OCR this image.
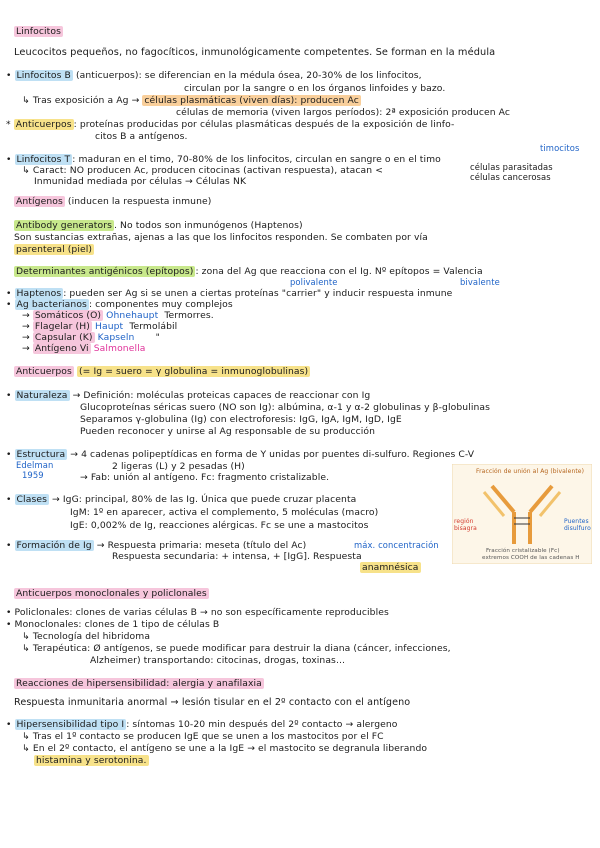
Linfocitos
Leucocitos pequeños, no fagocíticos, inmunológicamente competentes. Se forman en la médula
• Linfocitos B (anticuerpos): se diferencian en la médula ósea, 20-30% de los linfocitos,
circulan por la sangre o en los órganos linfoides y bazo.
↳ Tras exposición a Ag → células plasmáticas (viven días): producen Ac
células de memoria (viven largos períodos): 2ª exposición producen Ac
* Anticuerpos : proteínas producidas por células plasmáticas después de la exposición de linfo-
citos B a antígenos.
timocitos
• Linfocitos T : maduran en el timo, 70-80% de los linfocitos, circulan en sangre o en el timo
↳ Caract: NO producen Ac, producen citocinas (activan respuesta), atacan <	células parasitadas
Inmunidad mediada por células → Células NK	células cancerosas
Antígenos (inducen la respuesta inmune)
Antibody generators . No todos son inmunógenos (Haptenos)
Son sustancias extrañas, ajenas a las que los linfocitos responden. Se combaten por vía
parenteral (piel)
Determinantes antigénicos (epítopos) : zona del Ag que reacciona con el Ig. Nº epítopos = Valencia
polivalente	bivalente
• Haptenos : pueden ser Ag si se unen a ciertas proteínas "carrier" y inducir respuesta inmune
• Ag bacterianos : componentes muy complejos
→ Somáticos (O) Ohnehaupt Termorres.
→ Flagelar (H) Haupt Termolábil
→ Capsular (K) Kapseln "
→ Antígeno Vi Salmonella
Anticuerpos (= Ig = suero = γ globulina = inmunoglobulinas)
• Naturaleza → Definición: moléculas proteicas capaces de reaccionar con Ig
Glucoproteínas séricas suero (NO son Ig): albúmina, α-1 y α-2 globulinas y β-globulinas
Separamos γ-globulina (Ig) con electroforesis: IgG, IgA, IgM, IgD, IgE
Pueden reconocer y unirse al Ag responsable de su producción
• Estructura → 4 cadenas polipeptídicas en forma de Y unidas por puentes di-sulfuro. Regiones C-V
Edelman
1959
2 ligeras (L) y 2 pesadas (H)
→ Fab: unión al antígeno. Fc: fragmento cristalizable.
• Clases → IgG: principal, 80% de las Ig. Única que puede cruzar placenta
IgM: 1º en aparecer, activa el complemento, 5 moléculas (macro)
IgE: 0,002% de Ig, reacciones alérgicas. Fc se une a mastocitos
• Formación de Ig → Respuesta primaria: meseta (título del Ac)	máx. concentración
Respuesta secundaria: + intensa, + [IgG]. Respuesta
anamnésica
Fracción de unión al Ag (bivalente)
región
bisagra
Puentes
disulfuro
Fracción cristalizable (Fc)
extremos COOH de las cadenas H
Anticuerpos monoclonales y policlonales
• Policlonales: clones de varias células B → no son específicamente reproducibles
• Monoclonales: clones de 1 tipo de células B
↳ Tecnología del hibridoma
↳ Terapéutica: Ø antígenos, se puede modificar para destruir la diana (cáncer, infecciones,
Alzheimer) transportando: citocinas, drogas, toxinas...
Reacciones de hipersensibilidad: alergia y anafilaxia
Respuesta inmunitaria anormal → lesión tisular en el 2º contacto con el antígeno
• Hipersensibilidad tipo I : síntomas 10-20 min después del 2º contacto → alergeno
↳ Tras el 1º contacto se producen IgE que se unen a los mastocitos por el FC
↳ En el 2º contacto, el antígeno se une a la IgE → el mastocito se degranula liberando
histamina y serotonina.
